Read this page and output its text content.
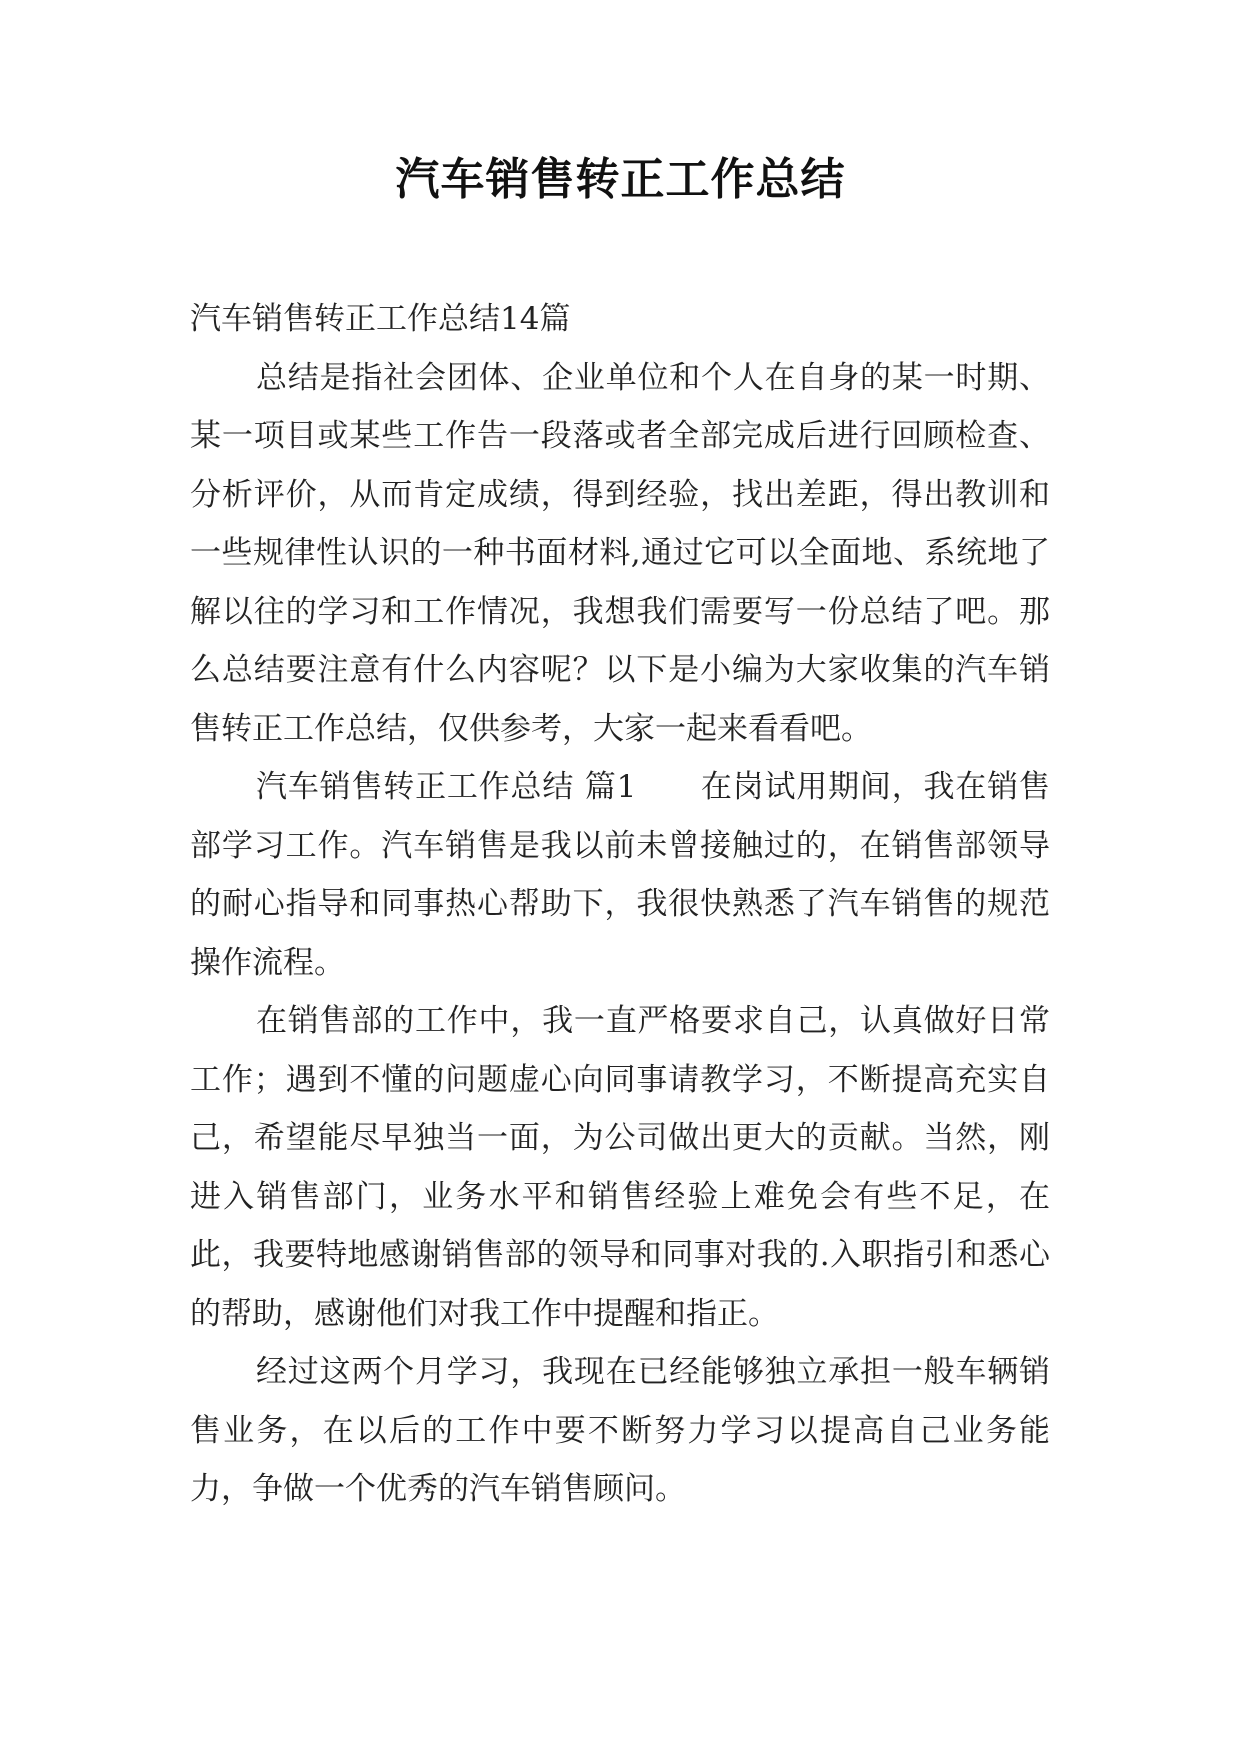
汽车销售转正工作总结

汽车销售转正工作总结14篇

总结是指社会团体、企业单位和个人在自身的某一时期、某一项目或某些工作告一段落或者全部完成后进行回顾检查、分析评价，从而肯定成绩，得到经验，找出差距，得出教训和一些规律性认识的一种书面材料,通过它可以全面地、系统地了解以往的学习和工作情况，我想我们需要写一份总结了吧。那么总结要注意有什么内容呢？以下是小编为大家收集的汽车销售转正工作总结，仅供参考，大家一起来看看吧。

汽车销售转正工作总结 篇1　　在岗试用期间，我在销售部学习工作。汽车销售是我以前未曾接触过的，在销售部领导的耐心指导和同事热心帮助下，我很快熟悉了汽车销售的规范操作流程。

在销售部的工作中，我一直严格要求自己，认真做好日常工作；遇到不懂的问题虚心向同事请教学习，不断提高充实自己，希望能尽早独当一面，为公司做出更大的贡献。当然，刚进入销售部门，业务水平和销售经验上难免会有些不足，在此，我要特地感谢销售部的领导和同事对我的.入职指引和悉心的帮助，感谢他们对我工作中提醒和指正。

经过这两个月学习，我现在已经能够独立承担一般车辆销售业务，在以后的工作中要不断努力学习以提高自己业务能力，争做一个优秀的汽车销售顾问。
